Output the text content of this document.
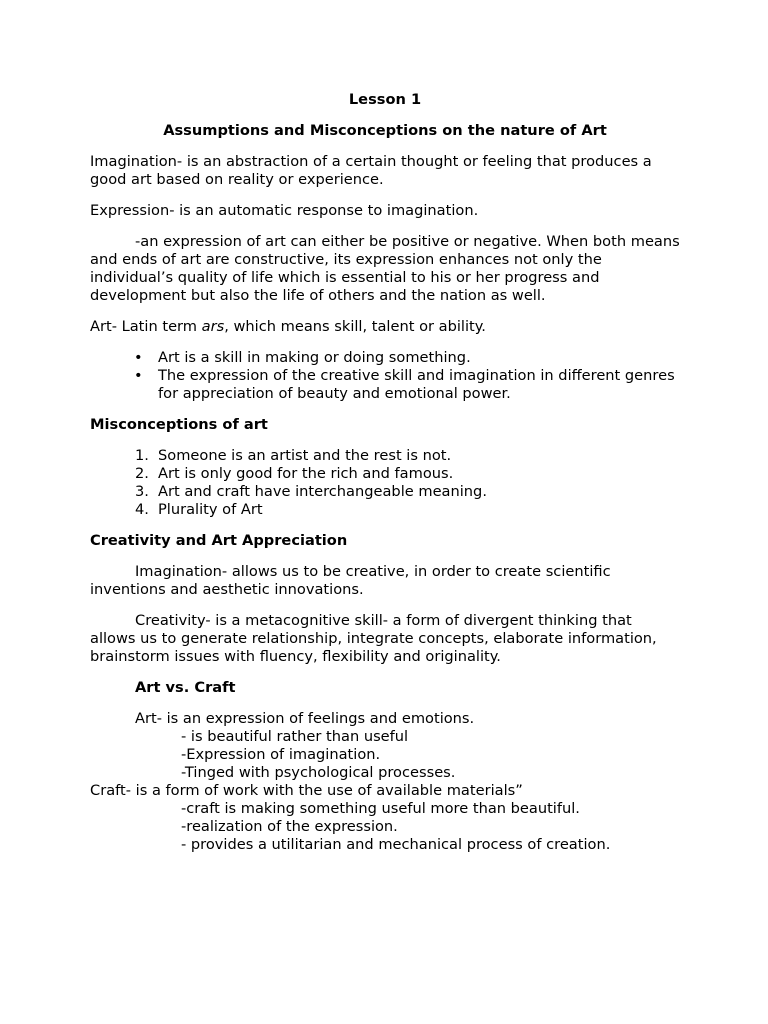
Lesson 1

Assumptions and Misconceptions on the nature of Art

Imagination- is an abstraction of a certain thought or feeling that produces a good art based on reality or experience.

Expression- is an automatic response to imagination.

-an expression of art can either be positive or negative. When both means and ends of art are constructive, its expression enhances not only the individual’s quality of life which is essential to his or her progress and development but also the life of others and the nation as well.

Art- Latin term ars, which means skill, talent or ability.

• Art is a skill in making or doing something.
• The expression of the creative skill and imagination in different genres for appreciation of beauty and emotional power.

Misconceptions of art

1. Someone is an artist and the rest is not.
2. Art is only good for the rich and famous.
3. Art and craft have interchangeable meaning.
4. Plurality of Art

Creativity and Art Appreciation

Imagination- allows us to be creative, in order to create scientific inventions and aesthetic innovations.

Creativity- is a metacognitive skill- a form of divergent thinking that allows us to generate relationship, integrate concepts, elaborate information, brainstorm issues with fluency, flexibility and originality.

Art vs. Craft

Art- is an expression of feelings and emotions.

- is beautiful rather than useful

-Expression of imagination.

-Tinged with psychological processes.

Craft- is a form of work with the use of available materials”

-craft is making something useful more than beautiful.

-realization of the expression.

- provides a utilitarian and mechanical process of creation.
